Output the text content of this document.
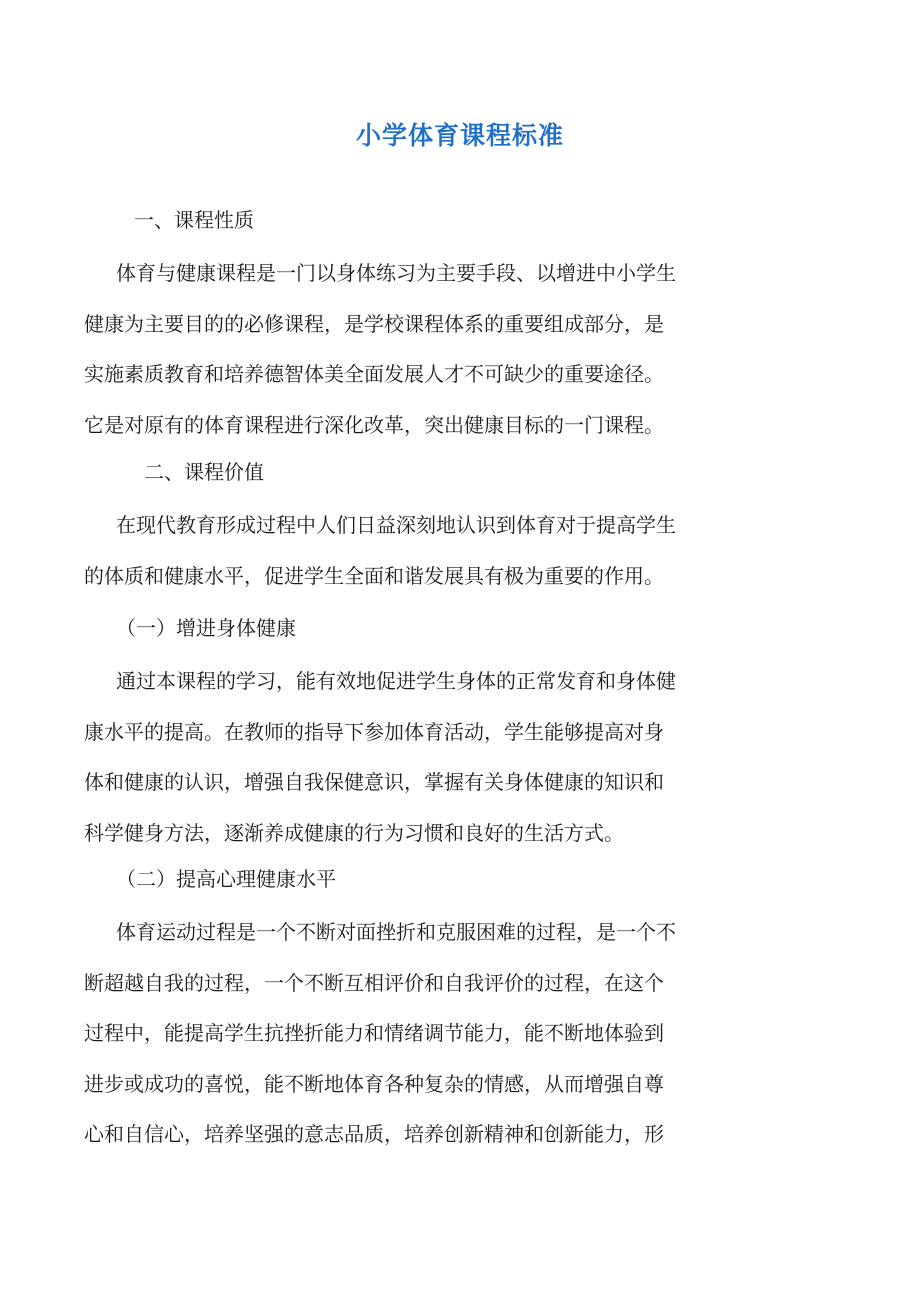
小学体育课程标准
一、课程性质
体育与健康课程是一门以身体练习为主要手段、以增进中小学生
健康为主要目的的必修课程，是学校课程体系的重要组成部分，是
实施素质教育和培养德智体美全面发展人才不可缺少的重要途径。
它是对原有的体育课程进行深化改革，突出健康目标的一门课程。
二、课程价值
在现代教育形成过程中人们日益深刻地认识到体育对于提高学生
的体质和健康水平，促进学生全面和谐发展具有极为重要的作用。
（一）增进身体健康
通过本课程的学习，能有效地促进学生身体的正常发育和身体健
康水平的提高。在教师的指导下参加体育活动，学生能够提高对身
体和健康的认识，增强自我保健意识，掌握有关身体健康的知识和
科学健身方法，逐渐养成健康的行为习惯和良好的生活方式。
（二）提高心理健康水平
体育运动过程是一个不断对面挫折和克服困难的过程，是一个不
断超越自我的过程，一个不断互相评价和自我评价的过程，在这个
过程中，能提高学生抗挫折能力和情绪调节能力，能不断地体验到
进步或成功的喜悦，能不断地体育各种复杂的情感，从而增强自尊
心和自信心，培养坚强的意志品质，培养创新精神和创新能力，形
